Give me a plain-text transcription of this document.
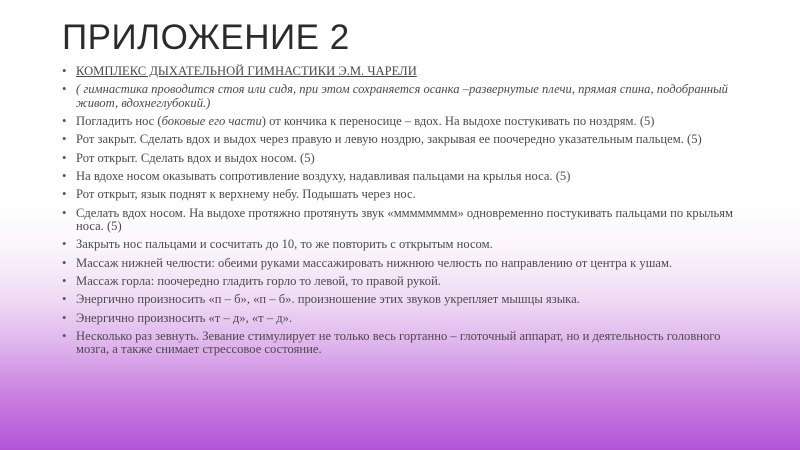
ПРИЛОЖЕНИЕ 2
• КОМПЛЕКС ДЫХАТЕЛЬНОЙ ГИМНАСТИКИ Э.М. ЧАРЕЛИ
• ( гимнастика проводится стоя или сидя, при этом сохраняется осанка –развернутые плечи, прямая спина, подобранный живот, вдохнеглубокий.)
• Погладить нос (боковые его части) от кончика к переносице – вдох. На выдохе постукивать по ноздрям. (5)
• Рот закрыт. Сделать вдох и выдох через правую и левую ноздрю, закрывая ее поочередно указательным пальцем. (5)
• Рот открыт. Сделать вдох и выдох носом. (5)
• На вдохе носом оказывать сопротивление воздуху, надавливая пальцами на крылья носа. (5)
• Рот открыт, язык поднят к верхнему небу. Подышать через нос.
• Сделать вдох носом. На выдохе протяжно протянуть звук «мммммммм» одновременно постукивать пальцами по крыльям носа. (5)
• Закрыть нос пальцами и сосчитать до 10, то же повторить с открытым носом.
• Массаж нижней челюсти: обеими руками массажировать нижнюю челюсть по направлению от центра к ушам.
• Массаж горла: поочередно гладить горло то левой, то правой рукой.
• Энергично произносить «п – б», «п – б». произношение этих звуков укрепляет мышцы языка.
• Энергично произносить «т – д», «т – д».
• Несколько раз зевнуть. Зевание стимулирует не только весь гортанно – глоточный аппарат, но и деятельность головного мозга, а также снимает стрессовое состояние.
